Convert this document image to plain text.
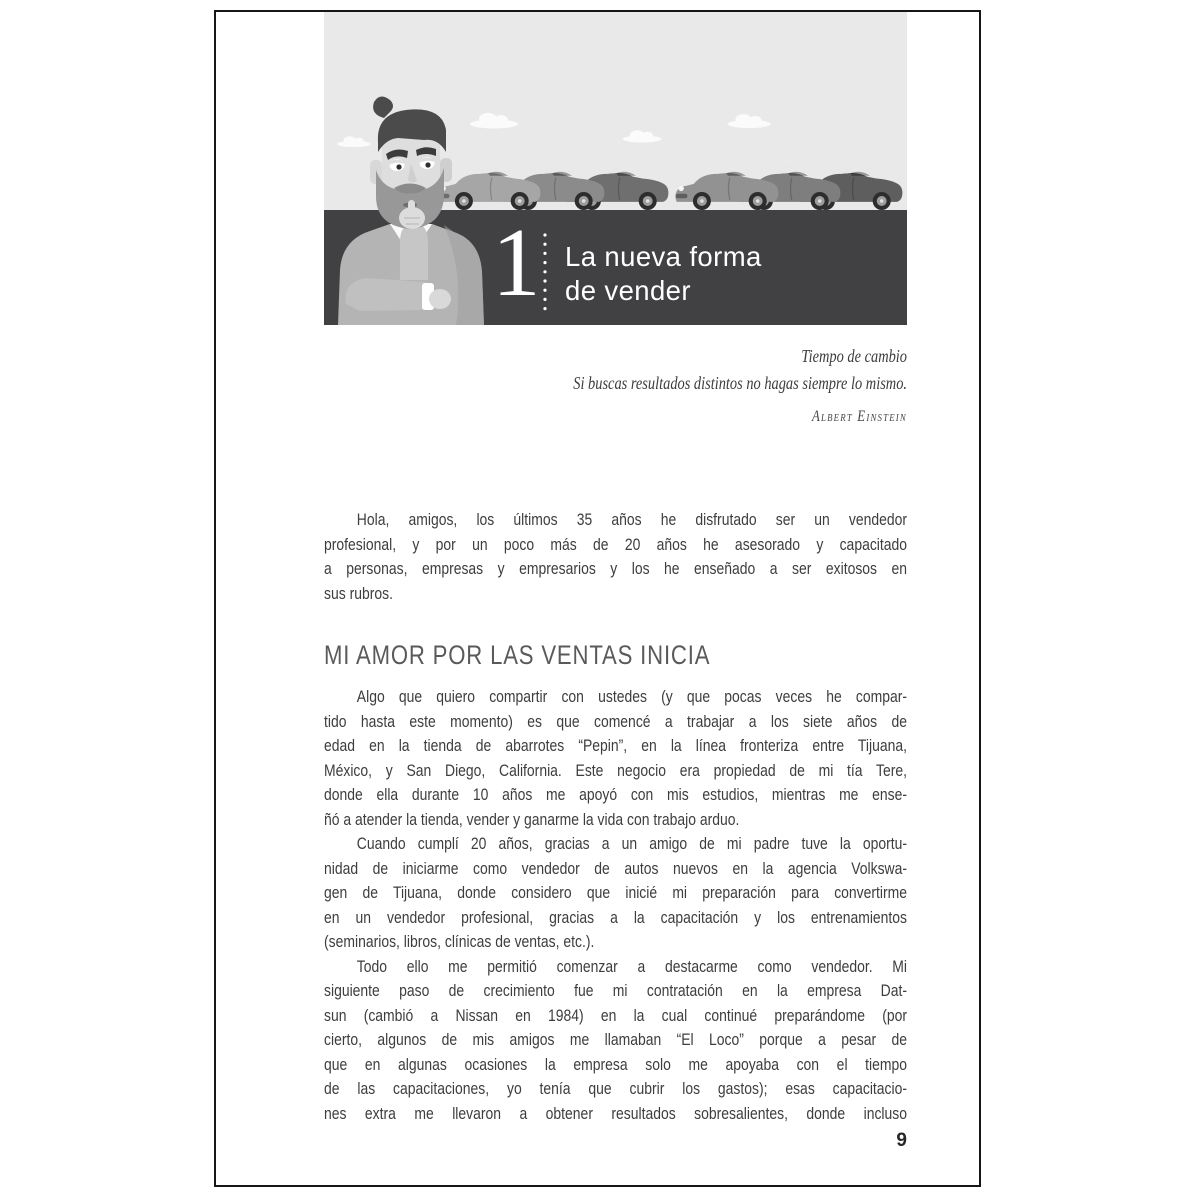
1 La nueva forma
de vender
Tiempo de cambio
Si buscas resultados distintos no hagas siempre lo mismo.
Albert Einstein
Hola, amigos, los últimos 35 años he disfrutado ser un vendedor
profesional, y por un poco más de 20 años he asesorado y capacitado
a personas, empresas y empresarios y los he enseñado a ser exitosos en
sus rubros.
MI AMOR POR LAS VENTAS INICIA
Algo que quiero compartir con ustedes (y que pocas veces he compar-
tido hasta este momento) es que comencé a trabajar a los siete años de
edad en la tienda de abarrotes “Pepin”, en la línea fronteriza entre Tijuana,
México, y San Diego, California. Este negocio era propiedad de mi tía Tere,
donde ella durante 10 años me apoyó con mis estudios, mientras me ense-
ñó a atender la tienda, vender y ganarme la vida con trabajo arduo.
Cuando cumplí 20 años, gracias a un amigo de mi padre tuve la oportu-
nidad de iniciarme como vendedor de autos nuevos en la agencia Volkswa-
gen de Tijuana, donde considero que inicié mi preparación para convertirme
en un vendedor profesional, gracias a la capacitación y los entrenamientos
(seminarios, libros, clínicas de ventas, etc.).
Todo ello me permitió comenzar a destacarme como vendedor. Mi
siguiente paso de crecimiento fue mi contratación en la empresa Dat-
sun (cambió a Nissan en 1984) en la cual continué preparándome (por
cierto, algunos de mis amigos me llamaban “El Loco” porque a pesar de
que en algunas ocasiones la empresa solo me apoyaba con el tiempo
de las capacitaciones, yo tenía que cubrir los gastos); esas capacitacio-
nes extra me llevaron a obtener resultados sobresalientes, donde incluso
9
